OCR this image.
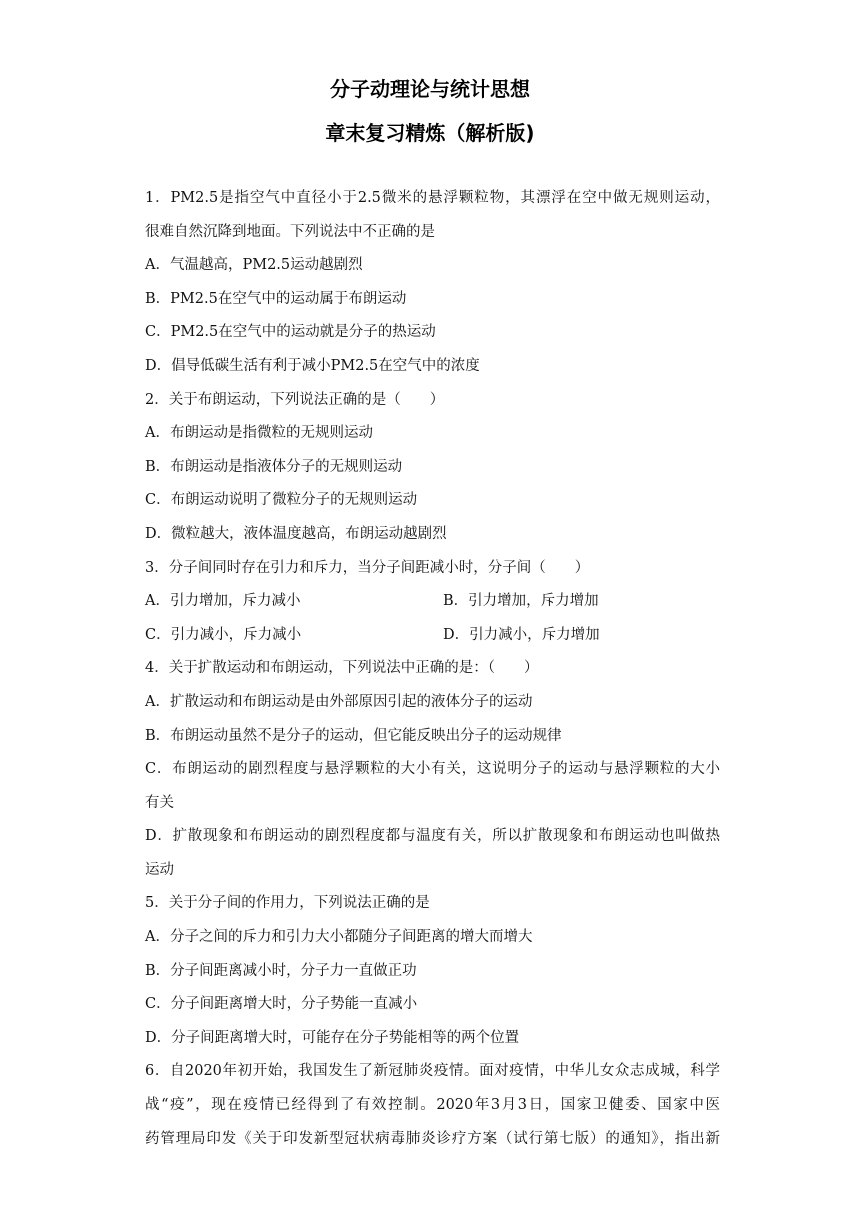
分子动理论与统计思想
章末复习精炼（解析版)
1．PM2.5是指空气中直径小于2.5微米的悬浮颗粒物，其漂浮在空中做无规则运动，
很难自然沉降到地面。下列说法中不正确的是
A．气温越高，PM2.5运动越剧烈
B．PM2.5在空气中的运动属于布朗运动
C．PM2.5在空气中的运动就是分子的热运动
D．倡导低碳生活有利于减小PM2.5在空气中的浓度
2．关于布朗运动，下列说法正确的是（　　）
A．布朗运动是指微粒的无规则运动
B．布朗运动是指液体分子的无规则运动
C．布朗运动说明了微粒分子的无规则运动
D．微粒越大，液体温度越高，布朗运动越剧烈
3．分子间同时存在引力和斥力，当分子间距减小时，分子间（　　）
A．引力增加，斥力减小	B．引力增加，斥力增加
C．引力减小，斥力减小	D．引力减小，斥力增加
4．关于扩散运动和布朗运动，下列说法中正确的是：（　　）
A．扩散运动和布朗运动是由外部原因引起的液体分子的运动
B．布朗运动虽然不是分子的运动，但它能反映出分子的运动规律
C．布朗运动的剧烈程度与悬浮颗粒的大小有关，这说明分子的运动与悬浮颗粒的大小
有关
D．扩散现象和布朗运动的剧烈程度都与温度有关，所以扩散现象和布朗运动也叫做热
运动
5．关于分子间的作用力，下列说法正确的是
A．分子之间的斥力和引力大小都随分子间距离的增大而增大
B．分子间距离减小时，分子力一直做正功
C．分子间距离增大时，分子势能一直减小
D．分子间距离增大时，可能存在分子势能相等的两个位置
6．自2020年初开始，我国发生了新冠肺炎疫情。面对疫情，中华儿女众志成城，科学
战“疫”，现在疫情已经得到了有效控制。2020年3月3日，国家卫健委、国家中医
药管理局印发《关于印发新型冠状病毒肺炎诊疗方案（试行第七版）的通知》，指出新
